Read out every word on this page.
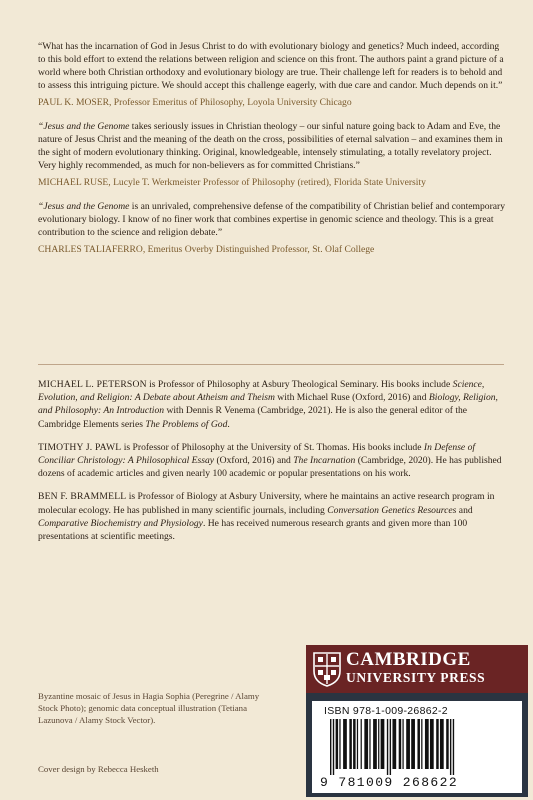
“What has the incarnation of God in Jesus Christ to do with evolutionary biology and genetics? Much indeed, according to this bold effort to extend the relations between religion and science on this front. The authors paint a grand picture of a world where both Christian orthodoxy and evolutionary biology are true. Their challenge left for readers is to behold and to assess this intriguing picture. We should accept this challenge eagerly, with due care and candor. Much depends on it.”

PAUL K. MOSER, Professor Emeritus of Philosophy, Loyola University Chicago

“Jesus and the Genome takes seriously issues in Christian theology – our sinful nature going back to Adam and Eve, the nature of Jesus Christ and the meaning of the death on the cross, possibilities of eternal salvation – and examines them in the sight of modern evolutionary thinking. Original, knowledgeable, intensely stimulating, a totally revelatory project. Very highly recommended, as much for non-believers as for committed Christians.”

MICHAEL RUSE, Lucyle T. Werkmeister Professor of Philosophy (retired), Florida State University

“Jesus and the Genome is an unrivaled, comprehensive defense of the compatibility of Christian belief and contemporary evolutionary biology. I know of no finer work that combines expertise in genomic science and theology. This is a great contribution to the science and religion debate.”

CHARLES TALIAFERRO, Emeritus Overby Distinguished Professor, St. Olaf College

MICHAEL L. PETERSON is Professor of Philosophy at Asbury Theological Seminary. His books include Science, Evolution, and Religion: A Debate about Atheism and Theism with Michael Ruse (Oxford, 2016) and Biology, Religion, and Philosophy: An Introduction with Dennis R Venema (Cambridge, 2021). He is also the general editor of the Cambridge Elements series The Problems of God.

TIMOTHY J. PAWL is Professor of Philosophy at the University of St. Thomas. His books include In Defense of Conciliar Christology: A Philosophical Essay (Oxford, 2016) and The Incarnation (Cambridge, 2020). He has published dozens of academic articles and given nearly 100 academic or popular presentations on his work.

BEN F. BRAMMELL is Professor of Biology at Asbury University, where he maintains an active research program in molecular ecology. He has published in many scientific journals, including Conversation Genetics Resources and Comparative Biochemistry and Physiology. He has received numerous research grants and given more than 100 presentations at scientific meetings.

Byzantine mosaic of Jesus in Hagia Sophia (Peregrine / Alamy Stock Photo); genomic data conceptual illustration (Tetiana Lazunova / Alamy Stock Vector).
Cover design by Rebecca Hesketh
CAMBRIDGE
UNIVERSITY PRESS
ISBN 978-1-009-26862-2
9 781009 268622
